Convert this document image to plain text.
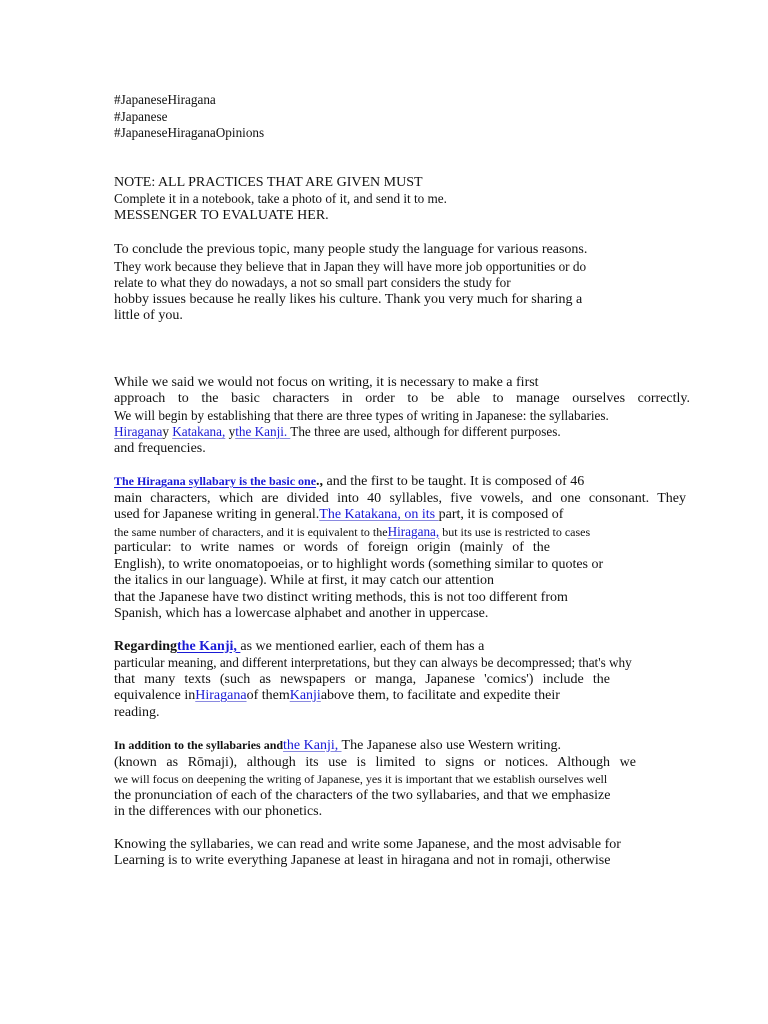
#JapaneseHiragana
#Japanese
#JapaneseHiraganaOpinions
NOTE: ALL PRACTICES THAT ARE GIVEN MUST
Complete it in a notebook, take a photo of it, and send it to me.
MESSENGER TO EVALUATE HER.
To conclude the previous topic, many people study the language for various reasons.
They work because they believe that in Japan they will have more job opportunities or do
relate to what they do nowadays, a not so small part considers the study for
hobby issues because he really likes his culture. Thank you very much for sharing a
little of you.
While we said we would not focus on writing, it is necessary to make a first
approach to the basic characters in order to be able to manage ourselves correctly.
We will begin by establishing that there are three types of writing in Japanese: the syllabaries.
Hiraganay Katakana, ythe Kanji. The three are used, although for different purposes.
and frequencies.
The Hiragana syllabary is the basic one., and the first to be taught. It is composed of 46
main characters, which are divided into 40 syllables, five vowels, and one consonant. They
used for Japanese writing in general.The Katakana, on its part, it is composed of
the same number of characters, and it is equivalent to theHiragana, but its use is restricted to cases
particular: to write names or words of foreign origin (mainly of the
English), to write onomatopoeias, or to highlight words (something similar to quotes or
the italics in our language). While at first, it may catch our attention
that the Japanese have two distinct writing methods, this is not too different from
Spanish, which has a lowercase alphabet and another in uppercase.
Regardingthe Kanji, as we mentioned earlier, each of them has a
particular meaning, and different interpretations, but they can always be decompressed; that's why
that many texts (such as newspapers or manga, Japanese 'comics') include the
equivalence inHiraganaof themKanjiabove them, to facilitate and expedite their
reading.
In addition to the syllabaries andthe Kanji, The Japanese also use Western writing.
(known as Rōmaji), although its use is limited to signs or notices. Although we
we will focus on deepening the writing of Japanese, yes it is important that we establish ourselves well
the pronunciation of each of the characters of the two syllabaries, and that we emphasize
in the differences with our phonetics.
Knowing the syllabaries, we can read and write some Japanese, and the most advisable for
Learning is to write everything Japanese at least in hiragana and not in romaji, otherwise
